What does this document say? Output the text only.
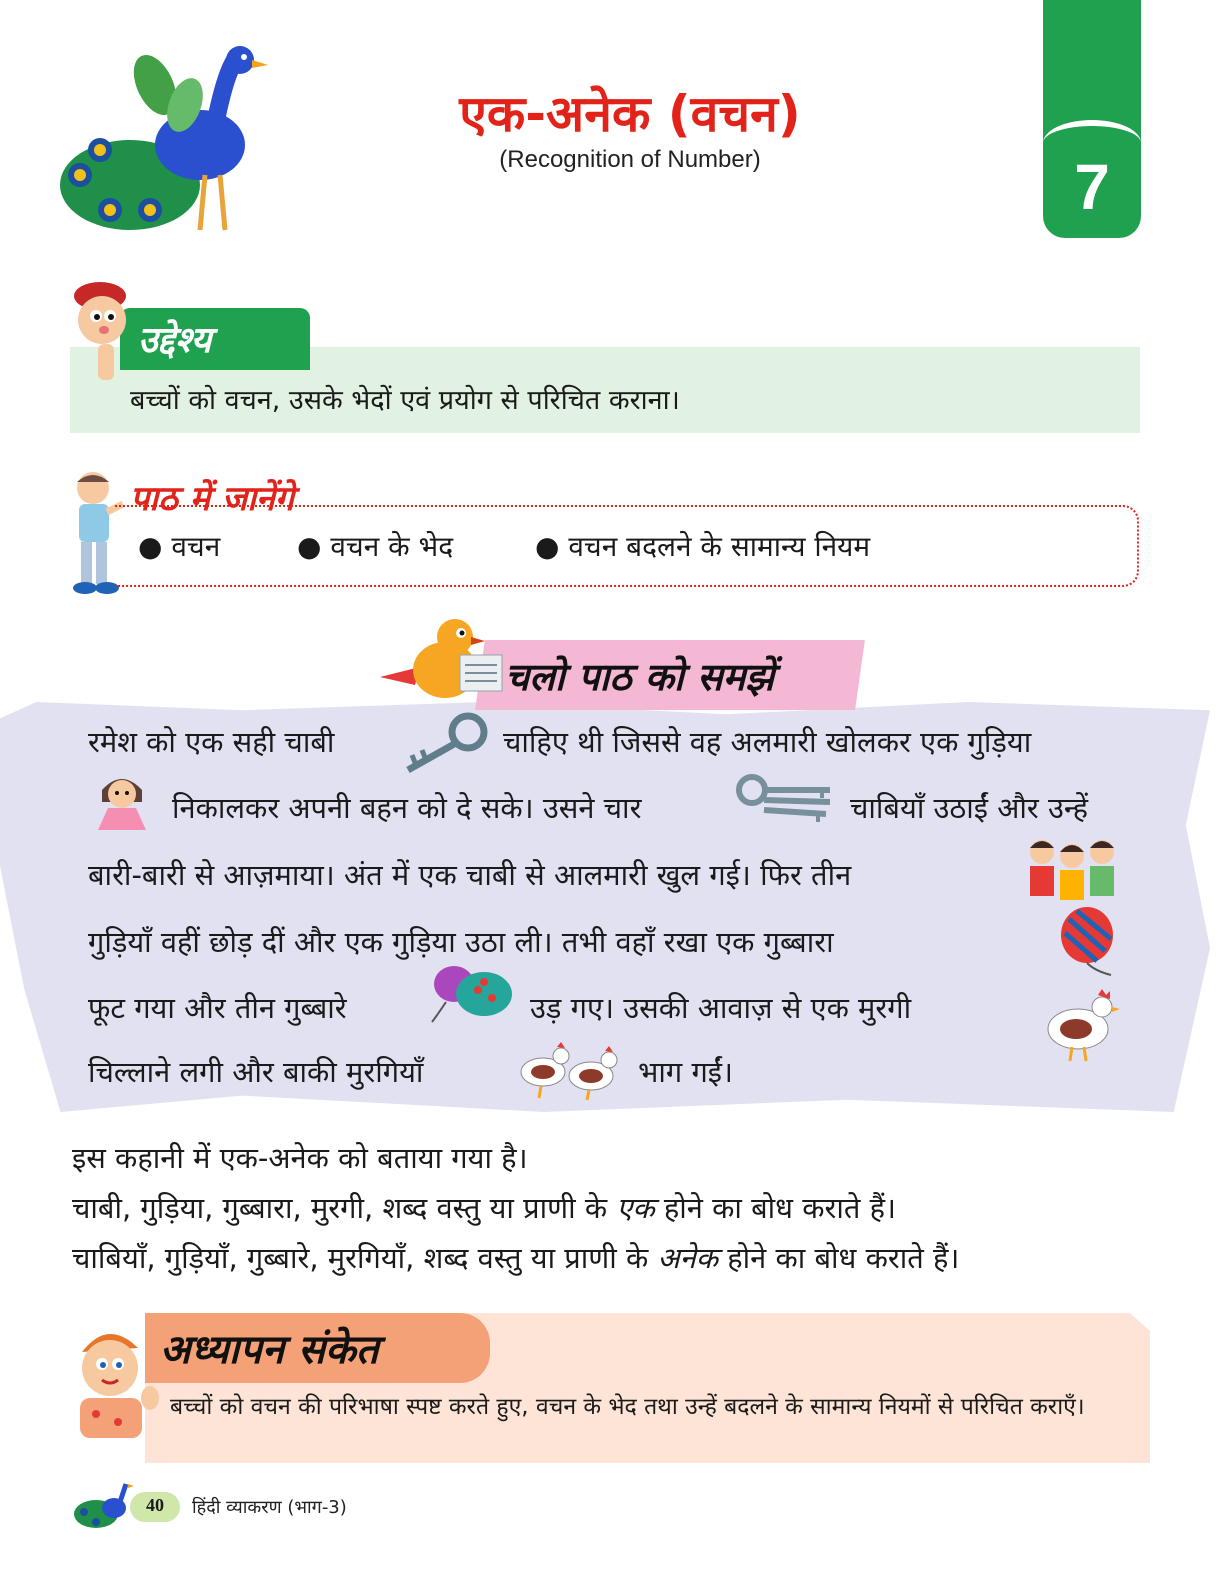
एक-अनेक (वचन)
(Recognition of Number)	7
उद्देश्य
बच्चों को वचन, उसके भेदों एवं प्रयोग से परिचित कराना।
पाठ में जानेंगे
● वचन	● वचन के भेद	● वचन बदलने के सामान्य नियम
चलो पाठ को समझें
रमेश को एक सही चाबी	चाहिए थी जिससे वह अलमारी खोलकर एक गुड़िया
निकालकर अपनी बहन को दे सके। उसने चार	चाबियाँ उठाईं और उन्हें
बारी-बारी से आज़माया। अंत में एक चाबी से आलमारी खुल गई। फिर तीन
गुड़ियाँ वहीं छोड़ दीं और एक गुड़िया उठा ली। तभी वहाँ रखा एक गुब्बारा
फूट गया और तीन गुब्बारे	उड़ गए। उसकी आवाज़ से एक मुरगी
चिल्लाने लगी और बाकी मुरगियाँ	भाग गईं।
इस कहानी में एक-अनेक को बताया गया है।
चाबी, गुड़िया, गुब्बारा, मुरगी, शब्द वस्तु या प्राणी के एक होने का बोध कराते हैं।
चाबियाँ, गुड़ियाँ, गुब्बारे, मुरगियाँ, शब्द वस्तु या प्राणी के अनेक होने का बोध कराते हैं।
अध्यापन संकेत
बच्चों को वचन की परिभाषा स्पष्ट करते हुए, वचन के भेद तथा उन्हें बदलने के सामान्य नियमों से परिचित कराएँ।
40	हिंदी व्याकरण (भाग-3)
